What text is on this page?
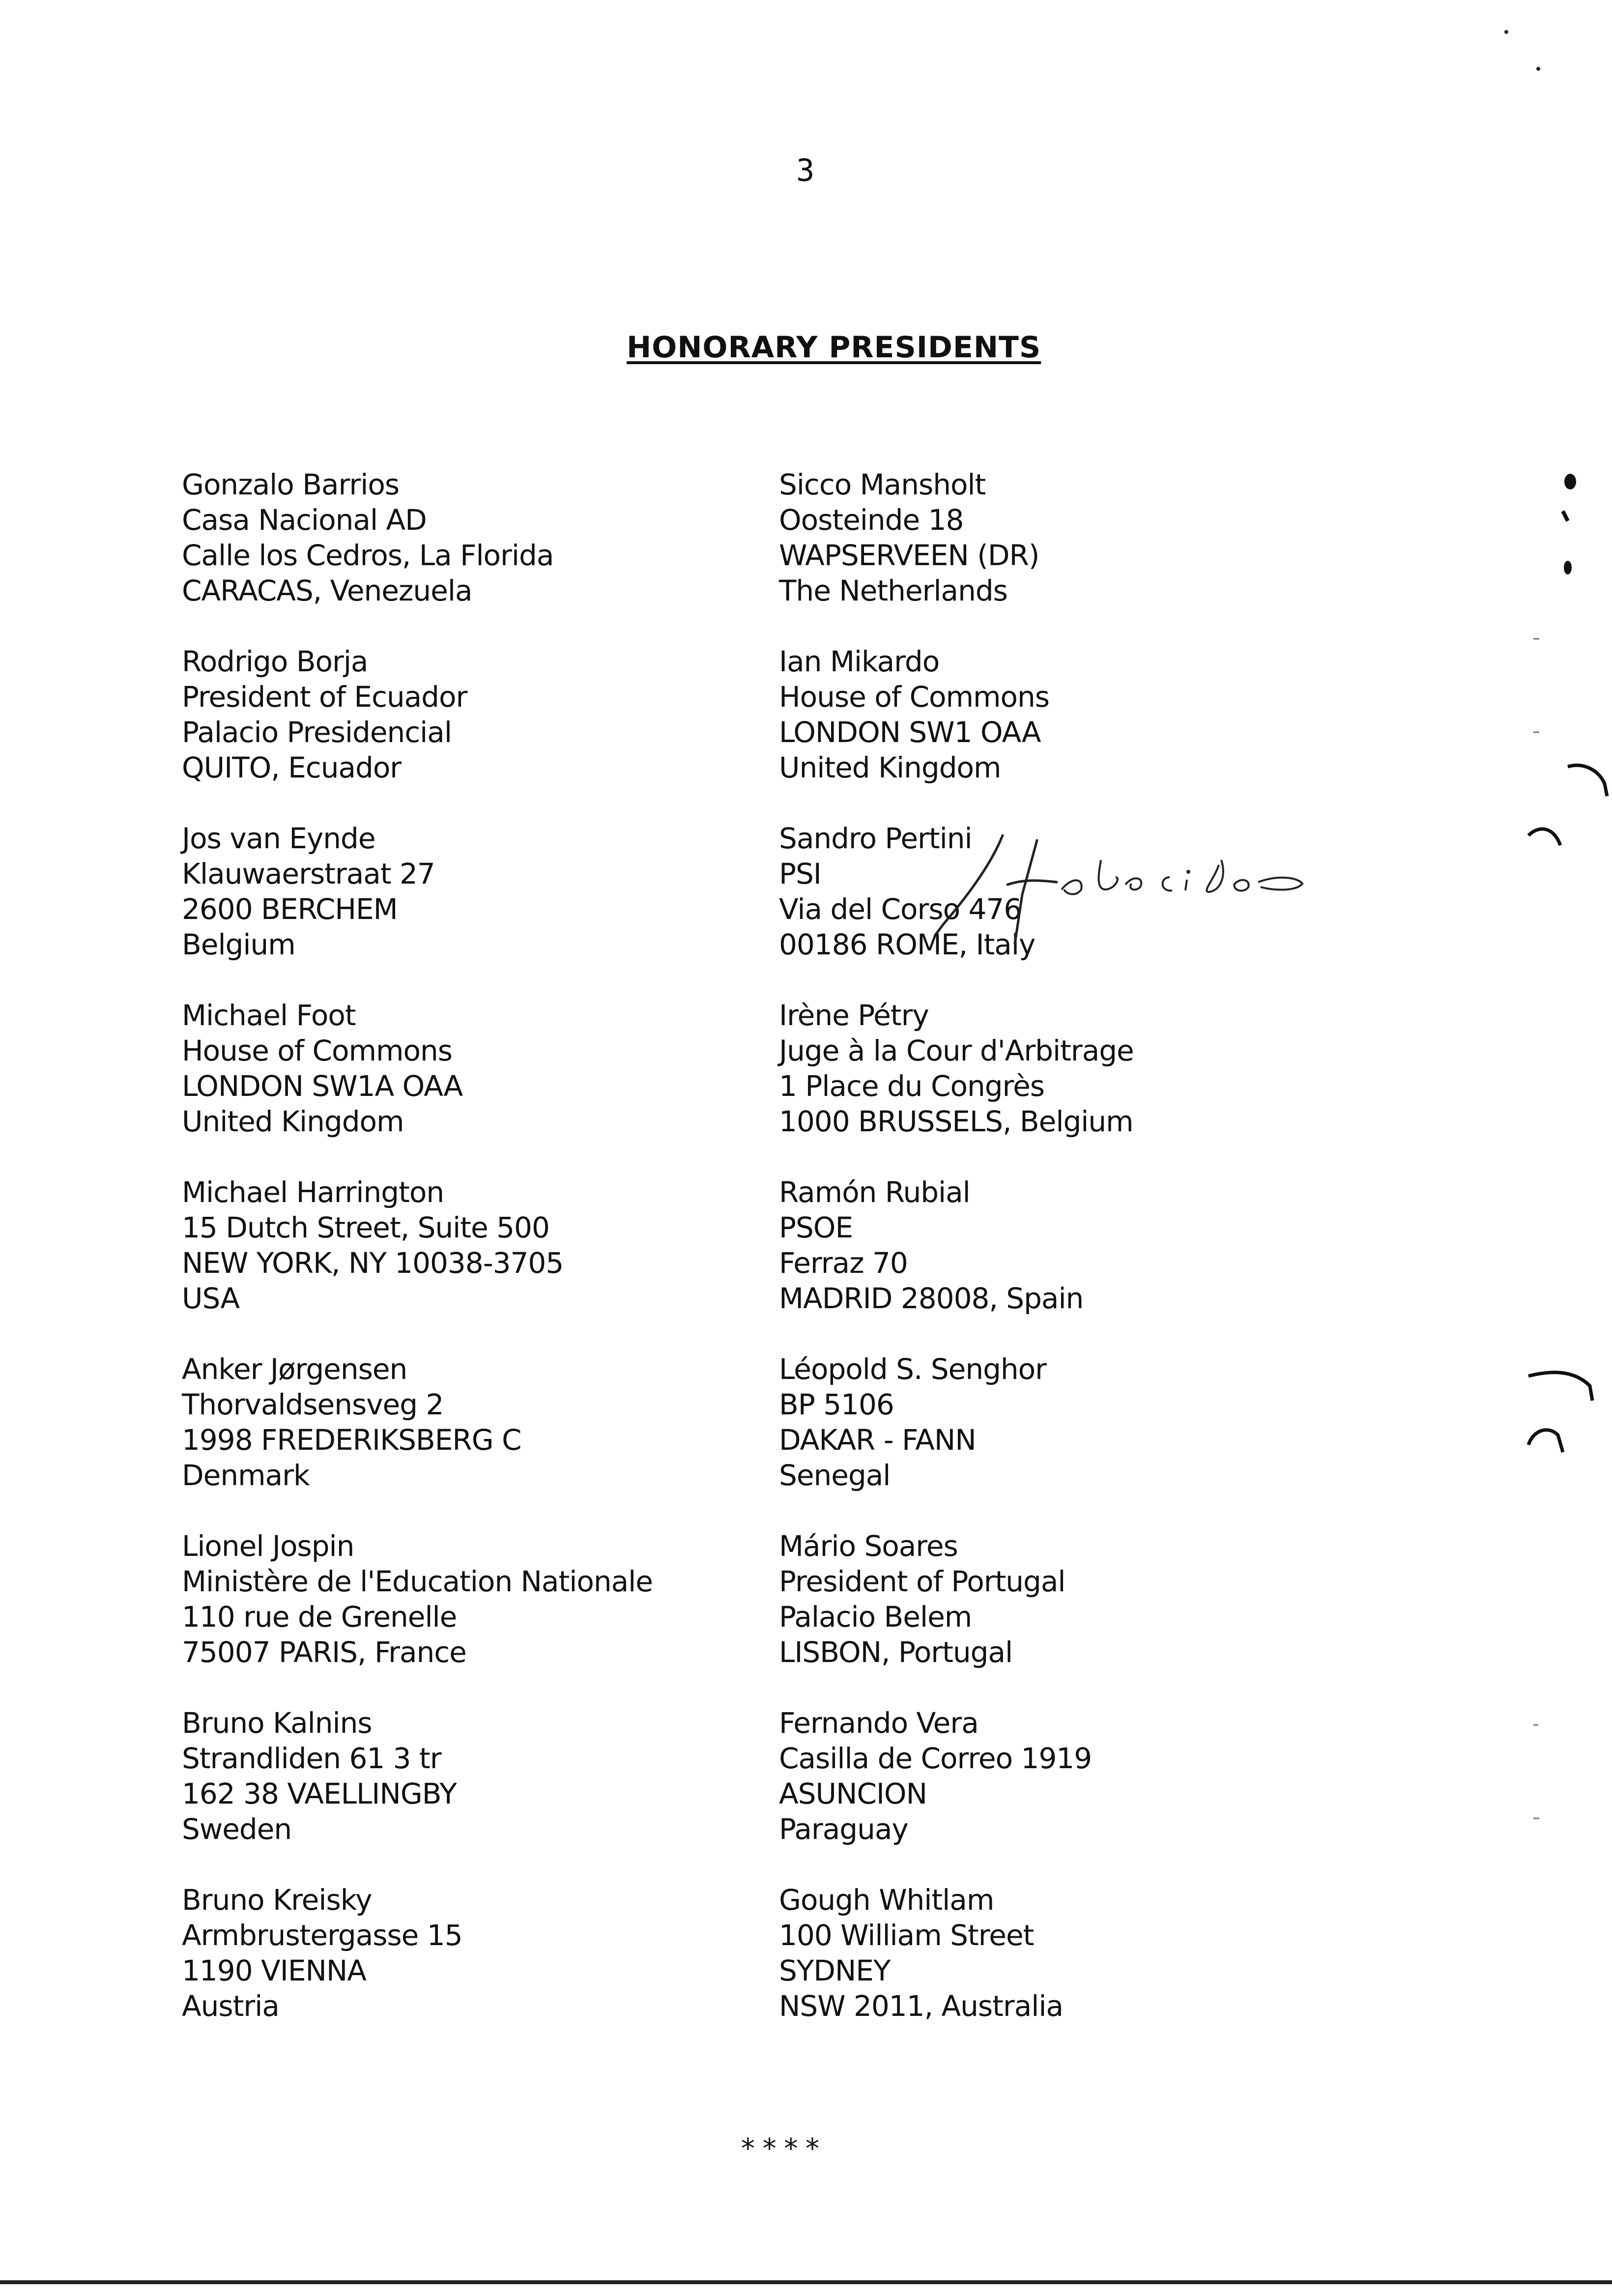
3
HONORARY PRESIDENTS
Gonzalo Barrios
Casa Nacional AD
Calle los Cedros, La Florida
CARACAS, Venezuela
Rodrigo Borja
President of Ecuador
Palacio Presidencial
QUITO, Ecuador
Jos van Eynde
Klauwaerstraat 27
2600 BERCHEM
Belgium
Michael Foot
House of Commons
LONDON SW1A OAA
United Kingdom
Michael Harrington
15 Dutch Street, Suite 500
NEW YORK, NY 10038-3705
USA
Anker Jørgensen
Thorvaldsensveg 2
1998 FREDERIKSBERG C
Denmark
Lionel Jospin
Ministère de l'Education Nationale
110 rue de Grenelle
75007 PARIS, France
Bruno Kalnins
Strandliden 61 3 tr
162 38 VAELLINGBY
Sweden
Bruno Kreisky
Armbrustergasse 15
1190 VIENNA
Austria
Sicco Mansholt
Oosteinde 18
WAPSERVEEN (DR)
The Netherlands
Ian Mikardo
House of Commons
LONDON SW1 OAA
United Kingdom
Sandro Pertini
PSI
Via del Corso 476
00186 ROME, Italy
Irène Pétry
Juge à la Cour d'Arbitrage
1 Place du Congrès
1000 BRUSSELS, Belgium
Ramón Rubial
PSOE
Ferraz 70
MADRID 28008, Spain
Léopold S. Senghor
BP 5106
DAKAR - FANN
Senegal
Mário Soares
President of Portugal
Palacio Belem
LISBON, Portugal
Fernando Vera
Casilla de Correo 1919
ASUNCION
Paraguay
Gough Whitlam
100 William Street
SYDNEY
NSW 2011, Australia
****
